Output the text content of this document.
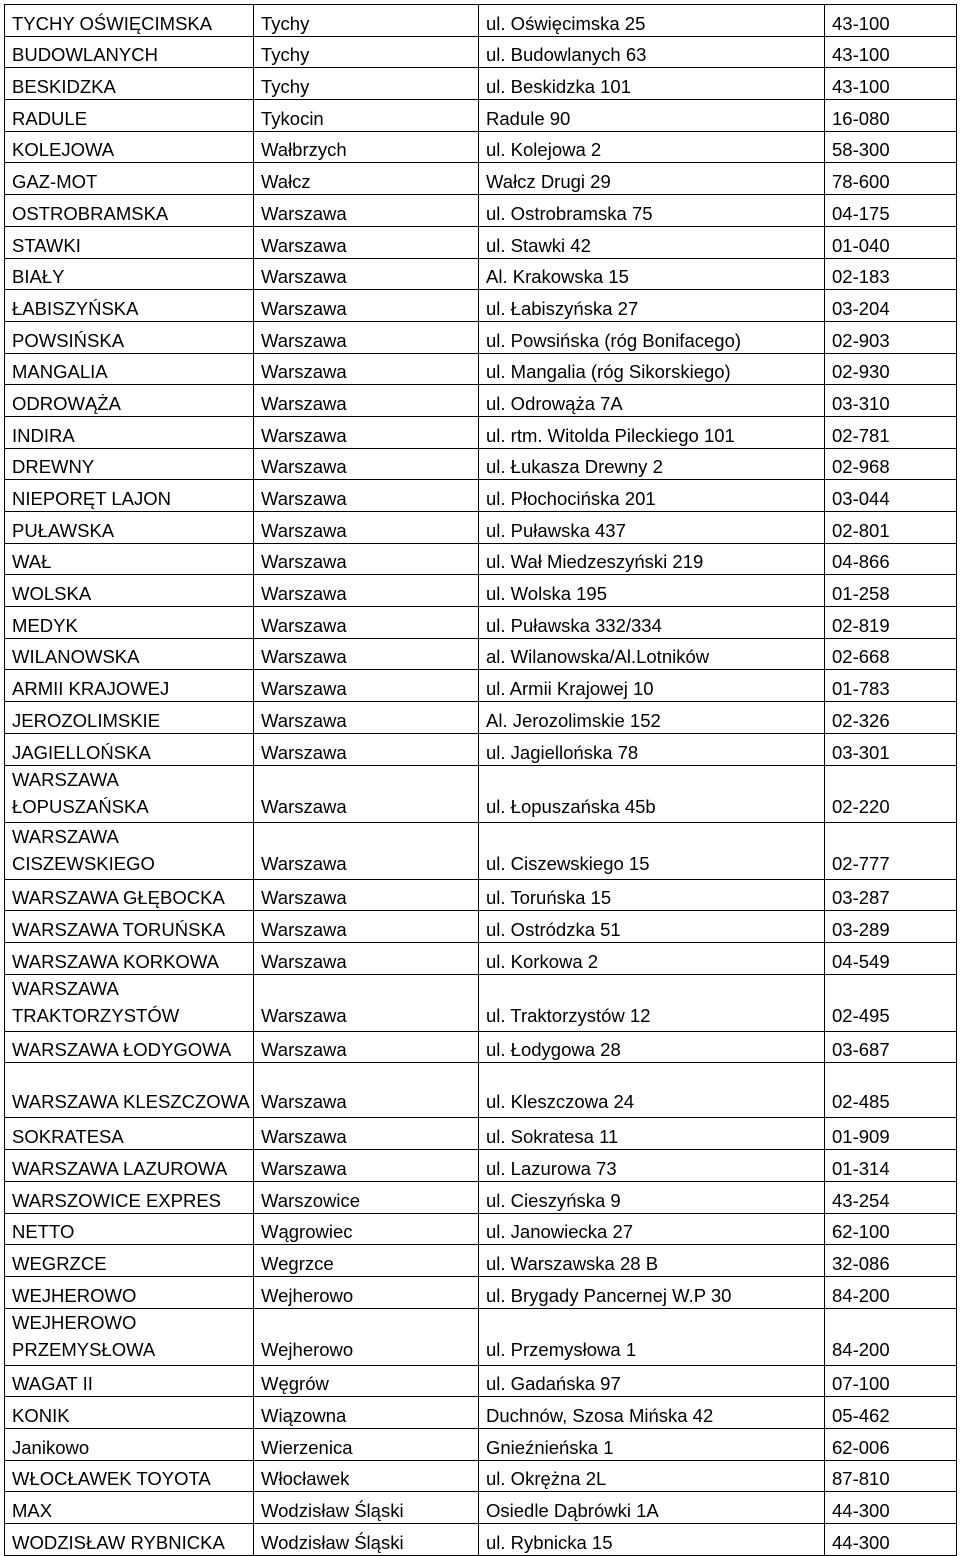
TYCHY OŚWIĘCIMSKA	Tychy	ul. Oświęcimska 25	43-100
BUDOWLANYCH	Tychy	ul. Budowlanych 63	43-100
BESKIDZKA	Tychy	ul. Beskidzka 101	43-100
RADULE	Tykocin	Radule 90	16-080
KOLEJOWA	Wałbrzych	ul. Kolejowa 2	58-300
GAZ-MOT	Wałcz	Wałcz Drugi 29	78-600
OSTROBRAMSKA	Warszawa	ul. Ostrobramska 75	04-175
STAWKI	Warszawa	ul. Stawki 42	01-040
BIAŁY	Warszawa	Al. Krakowska 15	02-183
ŁABISZYŃSKA	Warszawa	ul. Łabiszyńska 27	03-204
POWSIŃSKA	Warszawa	ul. Powsińska (róg Bonifacego)	02-903
MANGALIA	Warszawa	ul. Mangalia (róg Sikorskiego)	02-930
ODROWĄŻA	Warszawa	ul. Odrowąża 7A	03-310
INDIRA	Warszawa	ul. rtm. Witolda Pileckiego 101	02-781
DREWNY	Warszawa	ul. Łukasza Drewny 2	02-968
NIEPORĘT LAJON	Warszawa	ul. Płochocińska 201	03-044
PUŁAWSKA	Warszawa	ul. Puławska 437	02-801
WAŁ	Warszawa	ul. Wał Miedzeszyński 219	04-866
WOLSKA	Warszawa	ul. Wolska 195	01-258
MEDYK	Warszawa	ul. Puławska 332/334	02-819
WILANOWSKA	Warszawa	al. Wilanowska/Al.Lotników	02-668
ARMII KRAJOWEJ	Warszawa	ul. Armii Krajowej 10	01-783
JEROZOLIMSKIE	Warszawa	Al. Jerozolimskie 152	02-326
JAGIELLOŃSKA	Warszawa	ul. Jagiellońska 78	03-301
WARSZAWA ŁOPUSZAŃSKA	Warszawa	ul. Łopuszańska 45b	02-220
WARSZAWA CISZEWSKIEGO	Warszawa	ul. Ciszewskiego 15	02-777
WARSZAWA GŁĘBOCKA	Warszawa	ul. Toruńska 15	03-287
WARSZAWA TORUŃSKA	Warszawa	ul. Ostródzka 51	03-289
WARSZAWA KORKOWA	Warszawa	ul. Korkowa 2	04-549
WARSZAWA TRAKTORZYSTÓW	Warszawa	ul. Traktorzystów 12	02-495
WARSZAWA ŁODYGOWA	Warszawa	ul. Łodygowa 28	03-687
WARSZAWA KLESZCZOWA	Warszawa	ul. Kleszczowa 24	02-485
SOKRATESA	Warszawa	ul. Sokratesa 11	01-909
WARSZAWA LAZUROWA	Warszawa	ul. Lazurowa 73	01-314
WARSZOWICE EXPRES	Warszowice	ul. Cieszyńska 9	43-254
NETTO	Wągrowiec	ul. Janowiecka 27	62-100
WEGRZCE	Wegrzce	ul. Warszawska 28 B	32-086
WEJHEROWO	Wejherowo	ul. Brygady Pancernej W.P 30	84-200
WEJHEROWO PRZEMYSŁOWA	Wejherowo	ul. Przemysłowa 1	84-200
WAGAT II	Węgrów	ul. Gadańska 97	07-100
KONIK	Wiązowna	Duchnów, Szosa Mińska 42	05-462
Janikowo	Wierzenica	Gnieźnieńska 1	62-006
WŁOCŁAWEK TOYOTA	Włocławek	ul. Okrężna 2L	87-810
MAX	Wodzisław Śląski	Osiedle Dąbrówki 1A	44-300
WODZISŁAW RYBNICKA	Wodzisław Śląski	ul. Rybnicka 15	44-300
